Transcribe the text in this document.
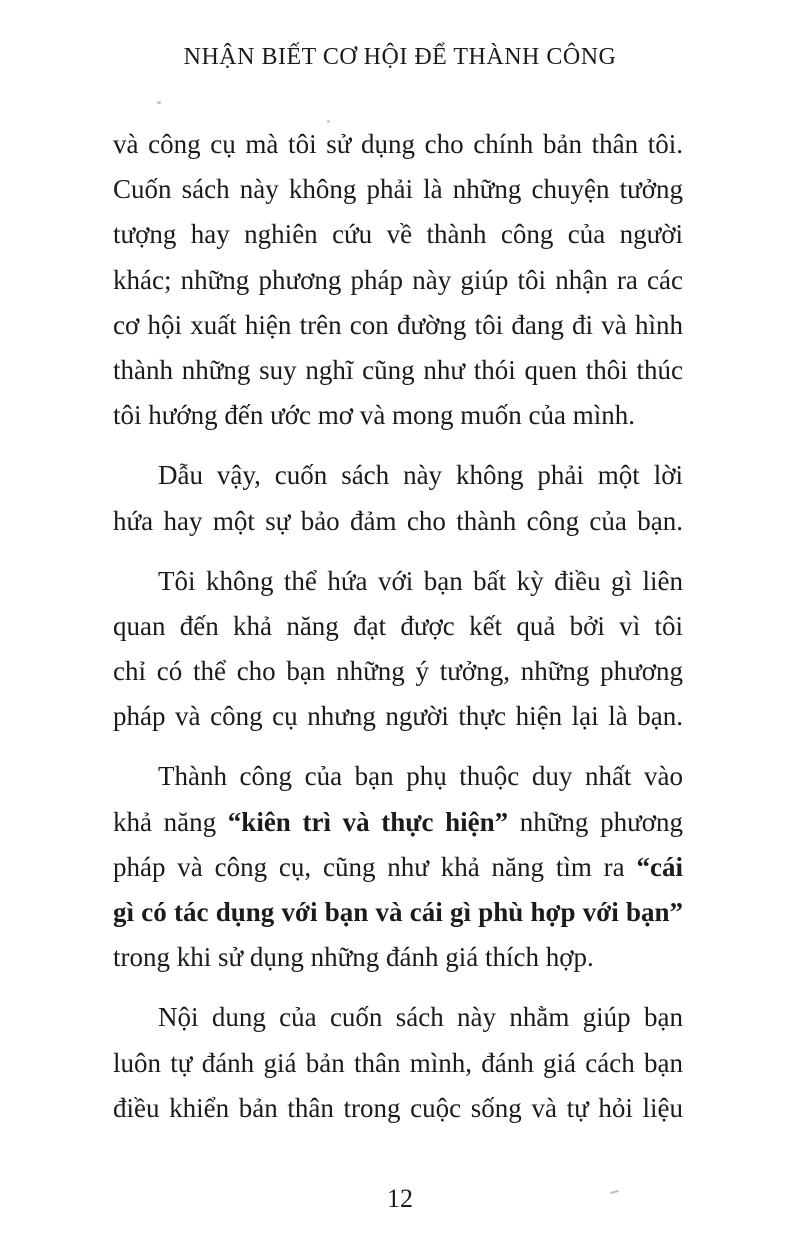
NHẬN BIẾT CƠ HỘI ĐỂ THÀNH CÔNG
và công cụ mà tôi sử dụng cho chính bản thân tôi.
Cuốn sách này không phải là những chuyện tưởng
tượng hay nghiên cứu về thành công của người
khác; những phương pháp này giúp tôi nhận ra các
cơ hội xuất hiện trên con đường tôi đang đi và hình
thành những suy nghĩ cũng như thói quen thôi thúc
tôi hướng đến ước mơ và mong muốn của mình.
Dẫu vậy, cuốn sách này không phải một lời
hứa hay một sự bảo đảm cho thành công của bạn.
Tôi không thể hứa với bạn bất kỳ điều gì liên
quan đến khả năng đạt được kết quả bởi vì tôi
chỉ có thể cho bạn những ý tưởng, những phương
pháp và công cụ nhưng người thực hiện lại là bạn.
Thành công của bạn phụ thuộc duy nhất vào
khả năng “kiên trì và thực hiện” những phương
pháp và công cụ, cũng như khả năng tìm ra “cái
gì có tác dụng với bạn và cái gì phù hợp với bạn”
trong khi sử dụng những đánh giá thích hợp.
Nội dung của cuốn sách này nhằm giúp bạn
luôn tự đánh giá bản thân mình, đánh giá cách bạn
điều khiển bản thân trong cuộc sống và tự hỏi liệu
12
